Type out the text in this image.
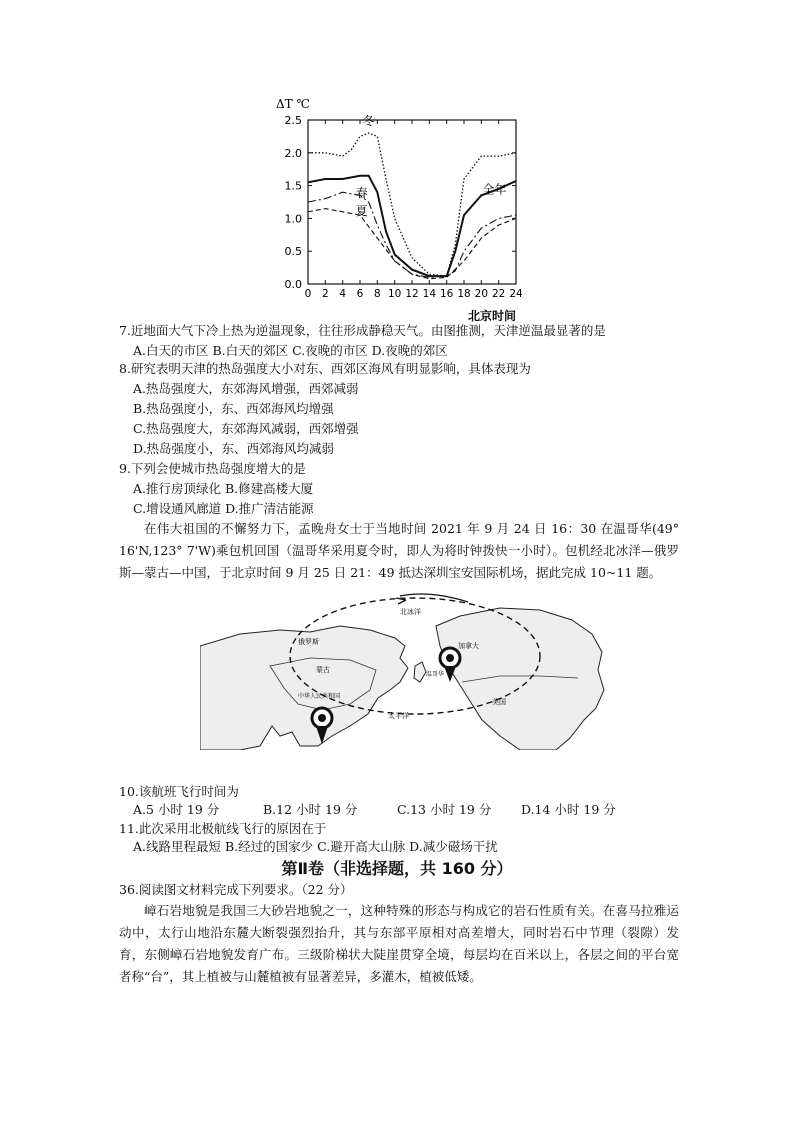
ΔT ℃
北京时间
0.0
0.5
1.0
1.5
2.0
2.5
0 2 4 6 8 10 12 14 16 18 20 22 24
冬
全年
春
夏
7.近地面大气下冷上热为逆温现象，往往形成静稳天气。由图推测，天津逆温最显著的是
A.白天的市区 B.白天的郊区 C.夜晚的市区 D.夜晚的郊区
8.研究表明天津的热岛强度大小对东、西郊区海风有明显影响，具体表现为
A.热岛强度大，东郊海风增强，西郊减弱
B.热岛强度小，东、西郊海风均增强
C.热岛强度大，东郊海风减弱，西郊增强
D.热岛强度小，东、西郊海风均减弱
9.下列会使城市热岛强度增大的是
A.推行房顶绿化 B.修建高楼大厦
C.增设通风廊道 D.推广清洁能源
在伟大祖国的不懈努力下，孟晚舟女士于当地时间 2021 年 9 月 24 日 16：30 在温哥华(49° 16'N,123° 7'W)乘包机回国（温哥华采用夏令时，即人为将时钟拨快一小时）。包机经北冰洋—俄罗斯—蒙古—中国，于北京时间 9 月 25 日 21：49 抵达深圳宝安国际机场，据此完成 10~11 题。
北冰洋
俄罗斯
蒙古
中华人民共和国
太平洋
加拿大
美国
温哥华
10.该航班飞行时间为
A.5 小时 19 分	B.12 小时 19 分	C.13 小时 19 分 D.14 小时 19 分
11.此次采用北极航线飞行的原因在于
A.线路里程最短 B.经过的国家少 C.避开高大山脉 D.减少磁场干扰
第Ⅱ卷（非选择题，共 160 分）
36.阅读图文材料完成下列要求。（22 分）
嶂石岩地貌是我国三大砂岩地貌之一，这种特殊的形态与构成它的岩石性质有关。在喜马拉雅运动中，太行山地沿东麓大断裂强烈抬升，其与东部平原相对高差增大，同时岩石中节理（裂隙）发育，东侧嶂石岩地貌发育广布。三级阶梯状大陡崖贯穿全境，每层均在百米以上，各层之间的平台宽者称“台”，其上植被与山麓植被有显著差异，多灌木，植被低矮。
